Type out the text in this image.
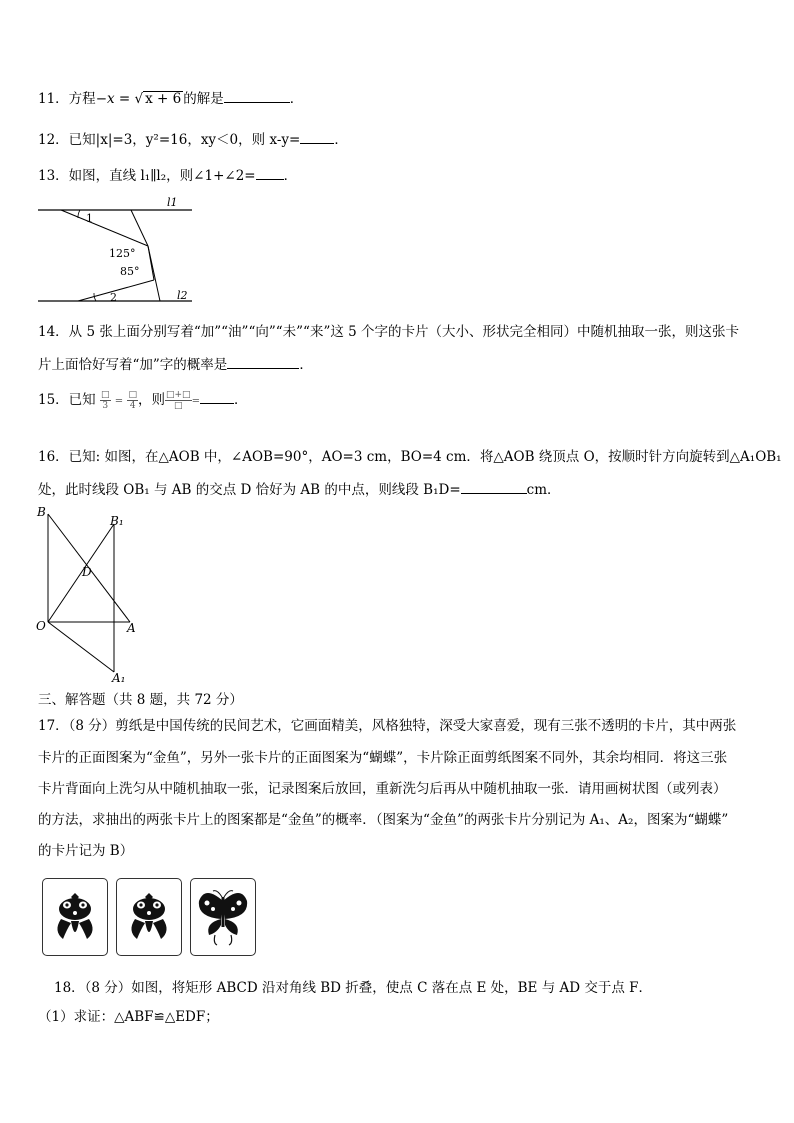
11．方程−x = √ x + 6 的解是	．
12．已知|x|=3，y²=16，xy＜0，则 x-y=	．
13．如图，直线 l₁∥l₂，则∠1+∠2= ．
1
2
125°
85°
l1
l2
14．从 5 张上面分别写着“加”“油”“向”“未”“来”这 5 个字的卡片（大小、形状完全相同）中随机抽取一张，则这张卡
片上面恰好写着“加”字的概率是	．
15．已知 $\frac{□}{3} = \frac{□}{4}$ ，则 $\frac{□+□}{□}$ =	．
16．已知: 如图，在△AOB 中，∠AOB=90°，AO=3 cm，BO=4 cm．将△AOB 绕顶点 O，按顺时针方向旋转到△A₁OB₁
处，此时线段 OB₁ 与 AB 的交点 D 恰好为 AB 的中点，则线段 B₁D=	cm．
B
B₁
D
O	A
A₁
三、解答题（共 8 题，共 72 分）
17．（8 分）剪纸是中国传统的民间艺术，它画面精美，风格独特，深受大家喜爱，现有三张不透明的卡片，其中两张
卡片的正面图案为“金鱼”，另外一张卡片的正面图案为“蝴蝶”，卡片除正面剪纸图案不同外，其余均相同．将这三张
卡片背面向上洗匀从中随机抽取一张，记录图案后放回，重新洗匀后再从中随机抽取一张．请用画树状图（或列表）
的方法，求抽出的两张卡片上的图案都是“金鱼”的概率．（图案为“金鱼”的两张卡片分别记为 A₁、A₂，图案为“蝴蝶”
的卡片记为 B）
18．（8 分）如图，将矩形 ABCD 沿对角线 BD 折叠，使点 C 落在点 E 处，BE 与 AD 交于点 F．
（1）求证：△ABF≌△EDF；
